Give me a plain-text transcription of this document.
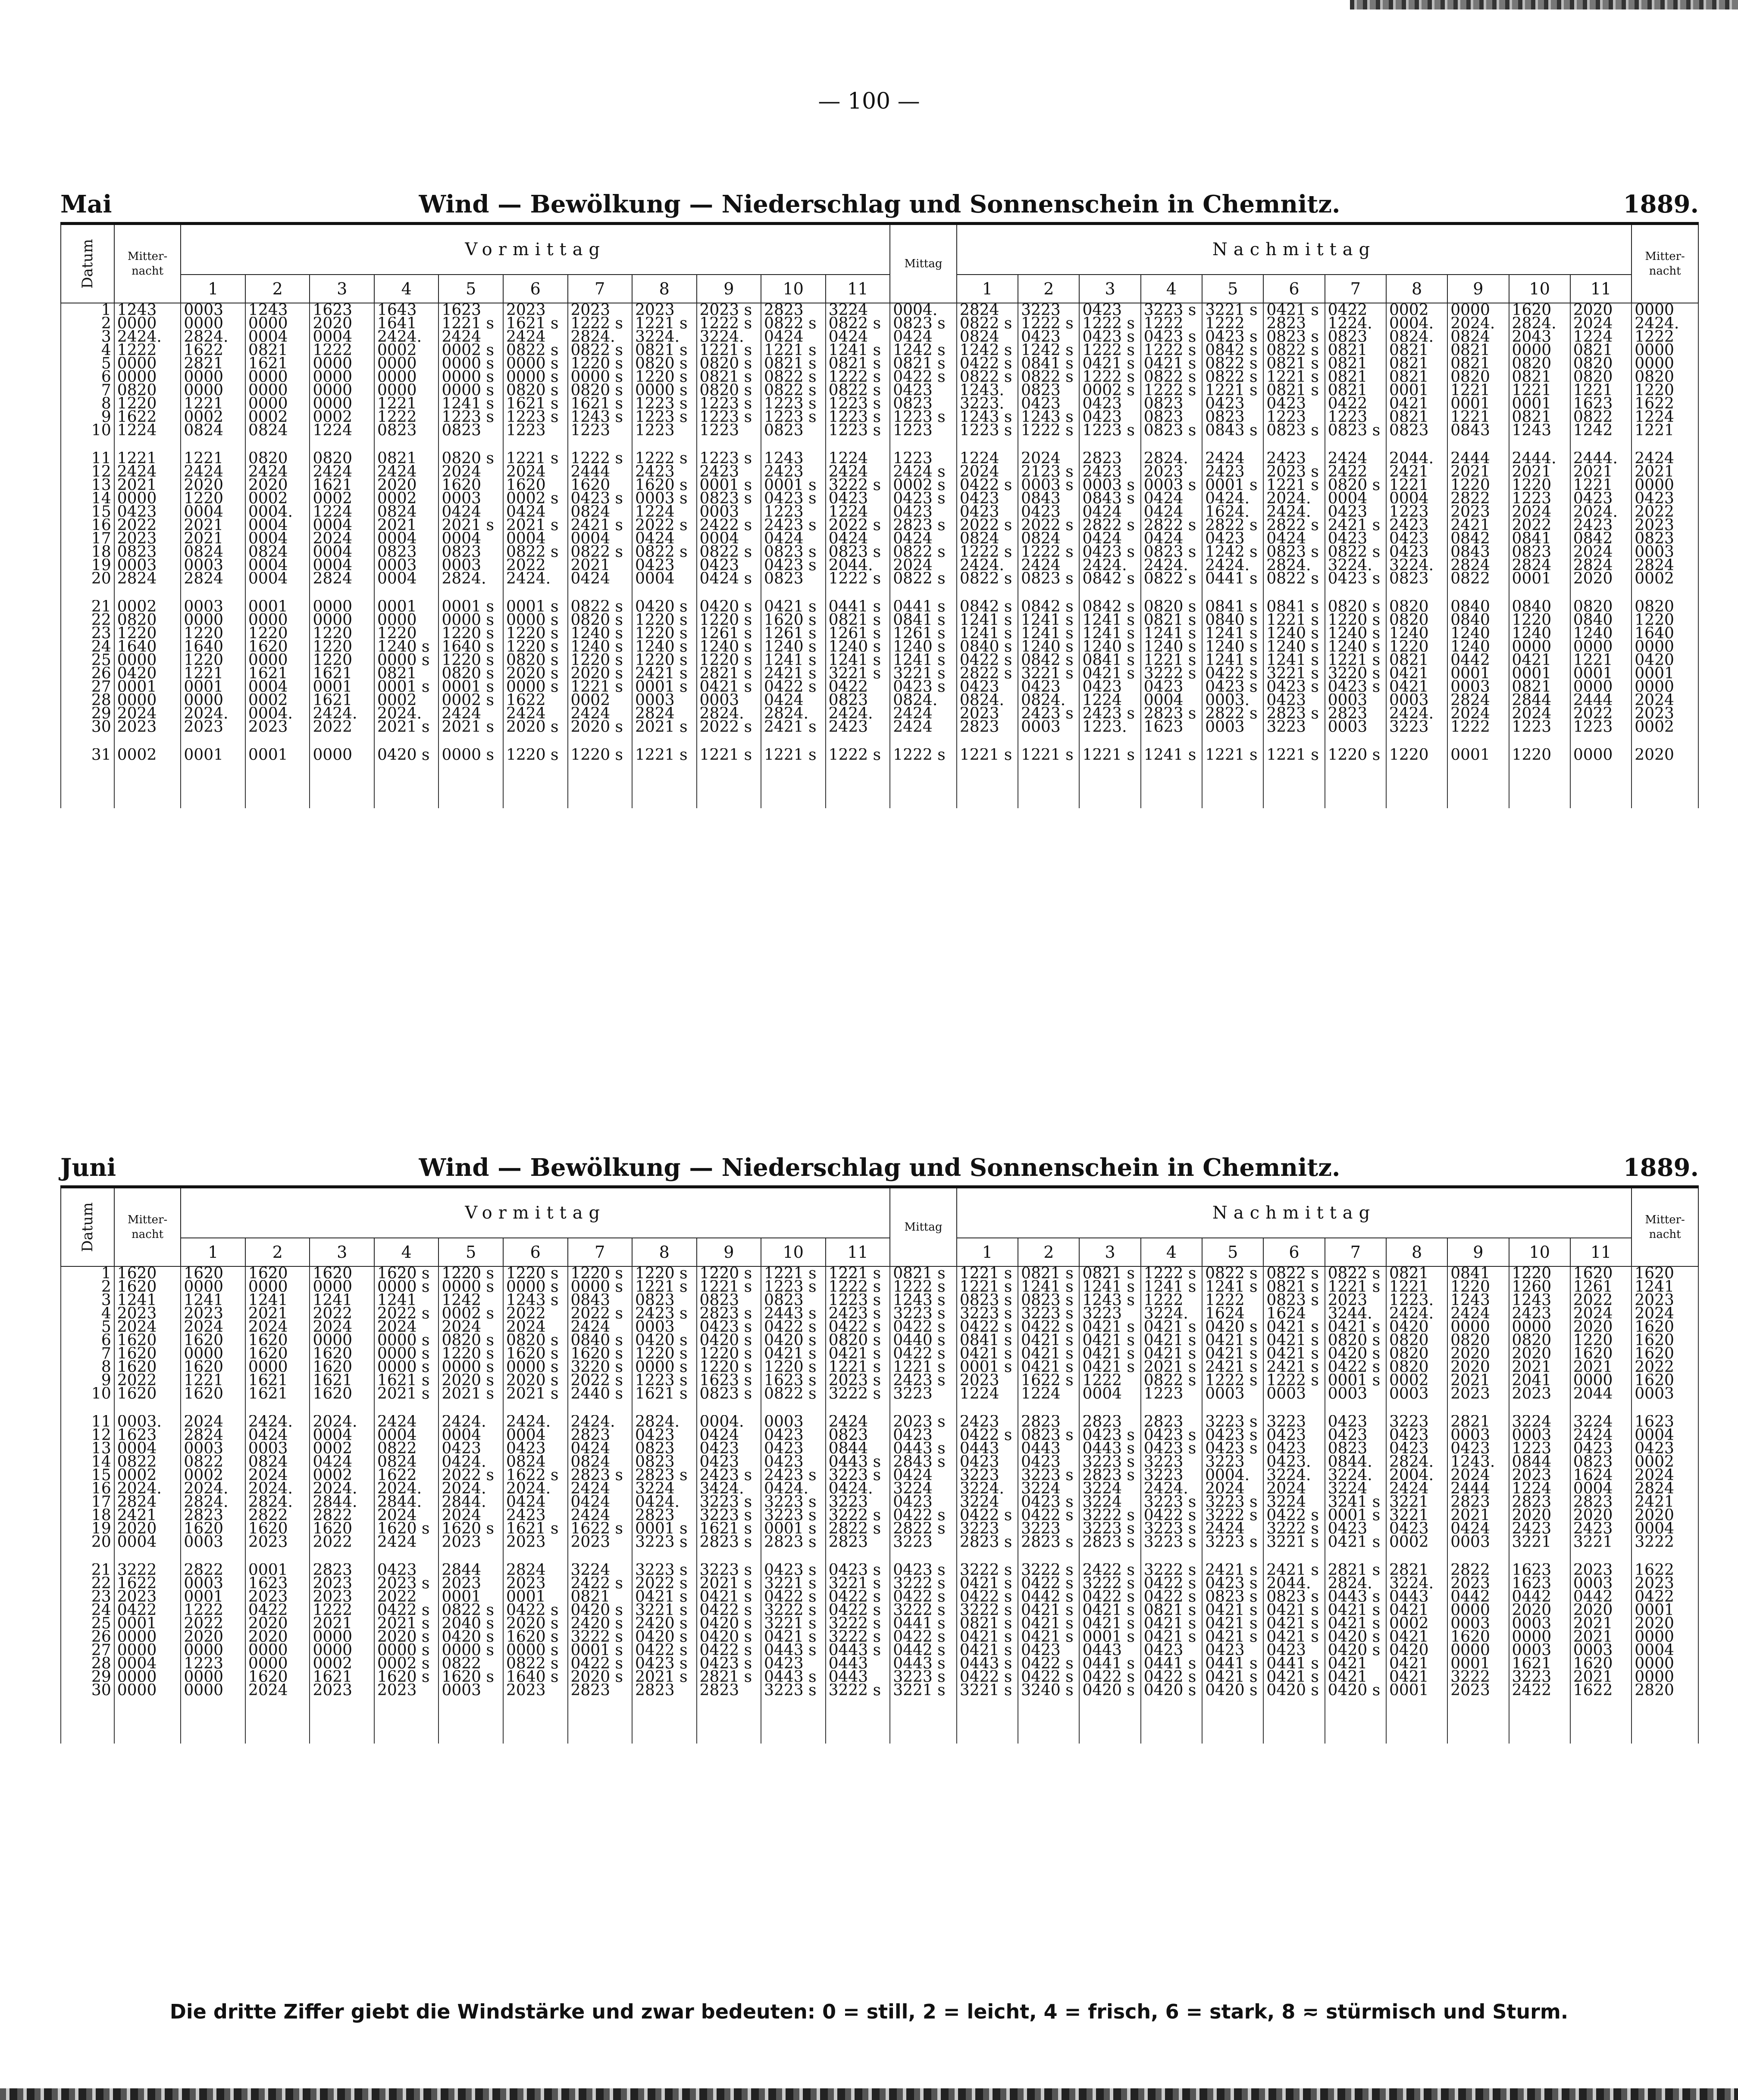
— 100 —
Wind — Bewölkung — Niederschlag und Sonnenschein in Chemnitz.
Mai	1889.
Datum	Mitter-nacht	Vormittag											Mittag	Nachmittag											Mitter-nacht
		1	2	3	4	5	6	7	8	9	10	11		1	2	3	4	5	6	7	8	9	10	11	
1	1243	0003	1243	1623	1643	1623	2023	2023	2023	2023 s	2823	3224	0004.	2824	3223	0423	3223 s	3221 s	0421 s	0422	0002	0000	1620	2020	0000
2	0000	0000	0000	2020	1641	1221 s	1621 s	1222 s	1221 s	1222 s	0822 s	0822 s	0823 s	0822 s	1222 s	1222 s	1222	1222	2823	1224.	0004.	2024.	2824.	2024	2424.
3	2424.	2824.	0004	0004	2424.	2424	2424	2824.	3224.	3224.	0424	0424	0424	0824	0423	0423 s	0423 s	0423 s	0823 s	0823	0824.	0824	2043	1224	1222
4	1222	1622	0821	1222	0002	0002 s	0822 s	0822 s	0821 s	1221 s	1221 s	1241 s	1242 s	1242 s	1242 s	1222 s	1222 s	0842 s	0822 s	0821	0821	0821	0000	0821	0000
5	0000	2821	1621	0000	0000	0000 s	0000 s	1220 s	0820 s	0820 s	0821 s	0821 s	0821 s	0422 s	0841 s	0421 s	0421 s	0822 s	0821 s	0821	0821	0821	0820	0820	0000
6	0000	0000	0000	0000	0000	0000 s	0000 s	0000 s	1220 s	0821 s	0822 s	1222 s	0422 s	0822 s	0822 s	1222 s	0822 s	0822 s	1221 s	0821	0821	0820	0821	0820	0820
7	0820	0000	0000	0000	0000	0000 s	0820 s	0820 s	0000 s	0820 s	0822 s	0822 s	0423	1243.	0823	0002 s	1222 s	1221 s	0821 s	0821	0001	1221	1221	1221	1220
8	1220	1221	0000	0000	1221	1241 s	1621 s	1621 s	1223 s	1223 s	1223 s	1223 s	0823	3223.	0423	0423	0823	0423	0423	0422	0421	0001	0001	1623	1622
9	1622	0002	0002	0002	1222	1223 s	1223 s	1243 s	1223 s	1223 s	1223 s	1223 s	1223 s	1243 s	1243 s	0423	0823	0823	1223	1223	0821	1221	0821	0822	1224
10	1224	0824	0824	1224	0823	0823	1223	1223	1223	1223	0823	1223 s	1223	1223 s	1222 s	1223 s	0823 s	0843 s	0823 s	0823 s	0823	0843	1243	1242	1221

11	1221	1221	0820	0820	0821	0820 s	1221 s	1222 s	1222 s	1223 s	1243	1224	1223	1224	2024	2823	2824.	2424	2423	2424	2044.	2444	2444.	2444.	2424
12	2424	2424	2424	2424	2424	2024	2024	2444	2423	2423	2423	2424	2424 s	2024	2123 s	2423	2023	2423	2023 s	2422	2421	2021	2021	2021	2021
13	2021	2020	2020	1621	2020	1620	1620	1620	1620 s	0001 s	0001 s	3222 s	0002 s	0422 s	0003 s	0003 s	0003 s	0001 s	1221 s	0820 s	1221	1220	1220	1221	0000
14	0000	1220	0002	0002	0002	0003	0002 s	0423 s	0003 s	0823 s	0423 s	0423	0423 s	0423	0843	0843 s	0424	0424.	2024.	0004	0004	2822	1223	0423	0423
15	0423	0004	0004.	1224	0824	0424	0424	0824	1224	0003	1223	1224	0423	0423	0423	0424	0424	1624.	2424.	0423	1223	2023	2024	2024.	2022
16	2022	2021	0004	0004	2021	2021 s	2021 s	2421 s	2022 s	2422 s	2423 s	2022 s	2823 s	2022 s	2022 s	2822 s	2822 s	2822 s	2822 s	2421 s	2423	2421	2022	2423	2023
17	2023	2021	0004	2024	0004	0004	0004	0004	0424	0004	0424	0424	0424	0824	0824	0424	0424	0423	0424	0423	0423	0842	0841	0842	0823
18	0823	0824	0824	0004	0823	0823	0822 s	0822 s	0822 s	0822 s	0823 s	0823 s	0822 s	1222 s	1222 s	0423 s	0823 s	1242 s	0823 s	0822 s	0423	0843	0823	2024	0003
19	0003	0003	0004	0004	0003	0003	2022	2021	0423	0423	0423 s	2044.	2024	2424.	2424	2424.	2424.	2424.	2824.	3224.	3224.	2824	2824	2824	2824
20	2824	2824	0004	2824	0004	2824.	2424.	0424	0004	0424 s	0823	1222 s	0822 s	0822 s	0823 s	0842 s	0822 s	0441 s	0822 s	0423 s	0823	0822	0001	2020	0002

21	0002	0003	0001	0000	0001	0001 s	0001 s	0822 s	0420 s	0420 s	0421 s	0441 s	0441 s	0842 s	0842 s	0842 s	0820 s	0841 s	0841 s	0820 s	0820	0840	0840	0820	0820
22	0820	0000	0000	0000	0000	0000 s	0000 s	0820 s	1220 s	1220 s	1620 s	0821 s	0841 s	1241 s	1241 s	1241 s	0821 s	0840 s	1221 s	1220 s	0820	0840	1220	0840	1220
23	1220	1220	1220	1220	1220	1220 s	1220 s	1240 s	1220 s	1261 s	1261 s	1261 s	1261 s	1241 s	1241 s	1241 s	1241 s	1241 s	1240 s	1240 s	1240	1240	1240	1240	1640
24	1640	1640	1620	1220	1240 s	1640 s	1220 s	1240 s	1240 s	1240 s	1240 s	1240 s	1240 s	0840 s	1240 s	1240 s	1240 s	1240 s	1240 s	1240 s	1220	1240	0000	0000	0000
25	0000	1220	0000	1220	0000 s	1220 s	0820 s	1220 s	1220 s	1220 s	1241 s	1241 s	1241 s	0422 s	0842 s	0841 s	1221 s	1241 s	1241 s	1221 s	0821	0442	0421	1221	0420
26	0420	1221	1621	1621	0821	0820 s	2020 s	2020 s	2421 s	2821 s	2421 s	3221 s	3221 s	2822 s	3221 s	0421 s	3222 s	0422 s	3221 s	3220 s	0421	0001	0001	0001	0001
27	0001	0001	0004	0001	0001 s	0001 s	0000 s	1221 s	0001 s	0421 s	0422 s	0422	0423 s	0423	0423	0423	0423	0423 s	0423 s	0423 s	0421	0003	0821	0000	0000
28	0000	0000	0002	1621	0002	0002 s	1622	0002	0003	0003	0424	0823	0824.	0824.	0824.	1224	0004	0003.	0423	0003	0003	2824	2844	2444	2024
29	2024	2024.	0004.	2424.	2024.	2424	2424	2424	2824	2824.	2824.	2424.	2424	2023	2423 s	2423 s	2823 s	2822 s	2823 s	2823	2424.	2024	2024	2022	2023
30	2023	2023	2023	2022	2021 s	2021 s	2020 s	2020 s	2021 s	2022 s	2421 s	2423	2424	2823	0003	1223.	1623	0003	3223	0003	3223	1222	1223	1223	0002

31	0002	0001	0001	0000	0420 s	0000 s	1220 s	1220 s	1221 s	1221 s	1221 s	1222 s	1222 s	1221 s	1221 s	1221 s	1241 s	1221 s	1221 s	1220 s	1220	0001	1220	0000	2020

Wind — Bewölkung — Niederschlag und Sonnenschein in Chemnitz.
Juni	1889.
Datum	Mitter-nacht	Vormittag											Mittag	Nachmittag											Mitter-nacht
		1	2	3	4	5	6	7	8	9	10	11		1	2	3	4	5	6	7	8	9	10	11	
1	1620	1620	1620	1620	1620 s	1220 s	1220 s	1220 s	1220 s	1220 s	1221 s	1221 s	0821 s	1221 s	0821 s	0821 s	1222 s	0822 s	0822 s	0822 s	0821	0841	1220	1620	1620
2	1620	0000	0000	0000	0000 s	0000 s	0000 s	0000 s	1221 s	1221 s	1223 s	1222 s	1222 s	1221 s	1241 s	1241 s	1241 s	1241 s	0821 s	1221 s	1221	1220	1260	1261	1241
3	1241	1241	1241	1241	1241	1242	1243 s	0843	0823	0823	0823	1223 s	1243 s	0823 s	0823 s	1243 s	1222	1222	0823 s	2023	1223.	1243	1243	2022	2023
4	2023	2023	2021	2022	2022 s	0002 s	2022	2022 s	2423 s	2823 s	2443 s	2423 s	3223 s	3223 s	3223 s	3223	3224.	1624	1624	3244.	2424.	2424	2423	2024	2024
5	2024	2024	2024	2024	2024	2024	2024	2424	0003	0423 s	0422 s	0422 s	0422 s	0422 s	0422 s	0421 s	0421 s	0420 s	0421 s	0421 s	0420	0000	0000	2020	1620
6	1620	1620	1620	0000	0000 s	0820 s	0820 s	0840 s	0420 s	0420 s	0420 s	0820 s	0440 s	0841 s	0421 s	0421 s	0421 s	0421 s	0421 s	0820 s	0820	0820	0820	1220	1620
7	1620	0000	1620	1620	0000 s	1220 s	1620 s	1620 s	1220 s	1220 s	0421 s	0421 s	0422 s	0421 s	0421 s	0421 s	0421 s	0421 s	0421 s	0420 s	0820	2020	2020	1620	1620
8	1620	1620	0000	1620	0000 s	0000 s	0000 s	3220 s	0000 s	1220 s	1220 s	1221 s	1221 s	0001 s	0421 s	0421 s	2021 s	2421 s	2421 s	0422 s	0820	2020	2021	2021	2022
9	2022	1221	1621	1621	1621 s	2020 s	2020 s	2022 s	1223 s	1623 s	1623 s	2023 s	2423 s	2023	1622 s	1222	0822 s	1222 s	1222 s	0001 s	0002	2021	2041	0000	1620
10	1620	1620	1621	1620	2021 s	2021 s	2021 s	2440 s	1621 s	0823 s	0822 s	3222 s	3223	1224	1224	0004	1223	0003	0003	0003	0003	2023	2023	2044	0003

11	0003.	2024	2424.	2024.	2424	2424.	2424.	2424.	2824.	0004.	0003	2424	2023 s	2423	2823	2823	2823	3223 s	3223	0423	3223	2821	3224	3224	1623
12	1623	2824	0424	0004	0004	0004	0004	2823	0423	0424	0423	0823	0423	0422 s	0823 s	0423 s	0423 s	0423 s	0423	0423	0423	0003	0003	2424	0004
13	0004	0003	0003	0002	0822	0423	0423	0424	0823	0423	0423	0844	0443 s	0443	0443	0443 s	0423 s	0423 s	0423	0823	0423	0423	1223	0423	0423
14	0822	0822	0824	0424	0824	0424.	0824	0824	0823	0423	0423	0443 s	2843 s	0423	0423	3223 s	3223	3223	0423.	0844.	2824.	1243.	0844	0823	0002
15	0002	0002	2024	0002	1622	2022 s	1622 s	2823 s	2823 s	2423 s	2423 s	3223 s	0424	3223	3223 s	2823 s	3223	0004.	3224.	3224.	2004.	2024	2023	1624	2024
16	2024.	2024.	2024.	2024.	2024.	2024.	2024.	2424	3224	3424.	0424.	0424.	3224	3224.	3224	3224	2424.	2024	2024	3224	2424	2444	1224	0004	2824
17	2824	2824.	2824.	2844.	2844.	2844.	0424	0424	0424.	3223 s	3223 s	3223	0423	3224	0423 s	3224	3223 s	3223 s	3224	3241 s	3221	2823	2823	2823	2421
18	2421	2823	2822	2822	2024	2024	2423	2424	2823	3223 s	3223 s	3222 s	0422 s	0422 s	0422 s	3222 s	0422 s	3222 s	0422 s	0001 s	3221	2021	2020	2020	2020
19	2020	1620	1620	1620	1620 s	1620 s	1621 s	1622 s	0001 s	1621 s	0001 s	2822 s	2822 s	3223	3223	3223 s	3223 s	2424	3222 s	0423	0423	0424	2423	2423	0004
20	0004	0003	2023	2022	2424	2023	2023	2023	3223 s	2823 s	2823 s	2823	3223	2823 s	2823 s	2823 s	3223 s	3223 s	3221 s	0421 s	0002	0003	3221	3221	3222

21	3222	2822	0001	2823	0423	2844	2824	3224	3223 s	3223 s	0423 s	0423 s	0423 s	3222 s	3222 s	2422 s	3222 s	2421 s	2421 s	2821 s	2821	2822	1623	2023	1622
22	1622	0003	1623	2023	2023 s	2023	2023	2422 s	2022 s	2021 s	3221 s	3221 s	3222 s	0421 s	0422 s	3222 s	0422 s	0423 s	2044.	2824.	3224.	2023	1623	0003	2023
23	2023	0001	2023	2023	2022	0001	0001	0821	0421 s	0421 s	0422 s	0422 s	0422 s	0422 s	0442 s	0422 s	0422 s	0823 s	0823 s	0443 s	0443	0442	0442	0442	0422
24	0422	1222	0422	1222	0422 s	0822 s	0422 s	0420 s	3221 s	0422 s	3222 s	0422 s	3222 s	3222 s	0421 s	0421 s	0821 s	0421 s	0421 s	0421 s	0421	0000	2020	2020	0001
25	0001	2022	2020	2021	2021 s	2040 s	2020 s	2420 s	2420 s	0420 s	3221 s	3222 s	0441 s	0821 s	0421 s	0421 s	0421 s	0421 s	0421 s	0421 s	0002	0003	0003	2021	2020
26	0000	2020	2020	0000	2020 s	0420 s	1620 s	3222 s	0420 s	0420 s	0421 s	3222 s	0422 s	0421 s	0421 s	0001 s	0421 s	0421 s	0421 s	0420 s	0421	1620	0000	2021	0000
27	0000	0000	0000	0000	0000 s	0000 s	0000 s	0001 s	0422 s	0422 s	0443 s	0443 s	0442 s	0421 s	0423	0443	0423	0423	0423	0420 s	0420	0000	0003	0003	0004
28	0004	1223	0000	0002	0002 s	0822	0822 s	0422 s	0423 s	0423 s	0423	0443	0443 s	0443 s	0422 s	0441 s	0441 s	0441 s	0441 s	0421	0421	0001	1621	1620	0000
29	0000	0000	1620	1621	1620 s	1620 s	1640 s	2020 s	2021 s	2821 s	0443 s	0443	3223 s	0422 s	0422 s	0422 s	0422 s	0421 s	0421 s	0421	0421	3222	3223	2021	0000
30	0000	0000	2024	2023	2023	0003	2023	2823	2823	2823	3223 s	3222 s	3221 s	3221 s	3240 s	0420 s	0420 s	0420 s	0420 s	0420 s	0001	2023	2422	1622	2820

Die dritte Ziffer giebt die Windstärke und zwar bedeuten: 0 = still, 2 = leicht, 4 = frisch, 6 = stark, 8 ≂ stürmisch und Sturm.
